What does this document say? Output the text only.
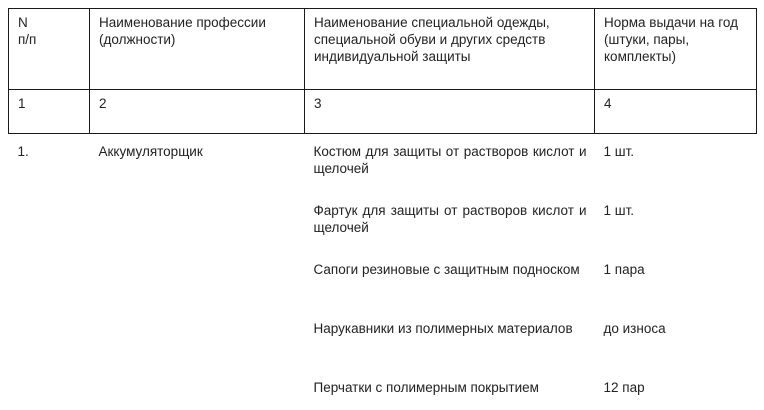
N
п/п	Наименование профессии (должности)	Наименование специальной одежды, специальной обуви и других средств индивидуальной защиты	Норма выдачи на год (штуки, пары, комплекты)
1	2	3	4
1.	Аккумуляторщик	Костюм для защиты от растворов кислот и щелочей	1 шт.
		Фартук для защиты от растворов кислот и щелочей	1 шт.
		Сапоги резиновые с защитным подноском	1 пара
		Нарукавники из полимерных материалов	до износа
		Перчатки с полимерным покрытием	12 пар
